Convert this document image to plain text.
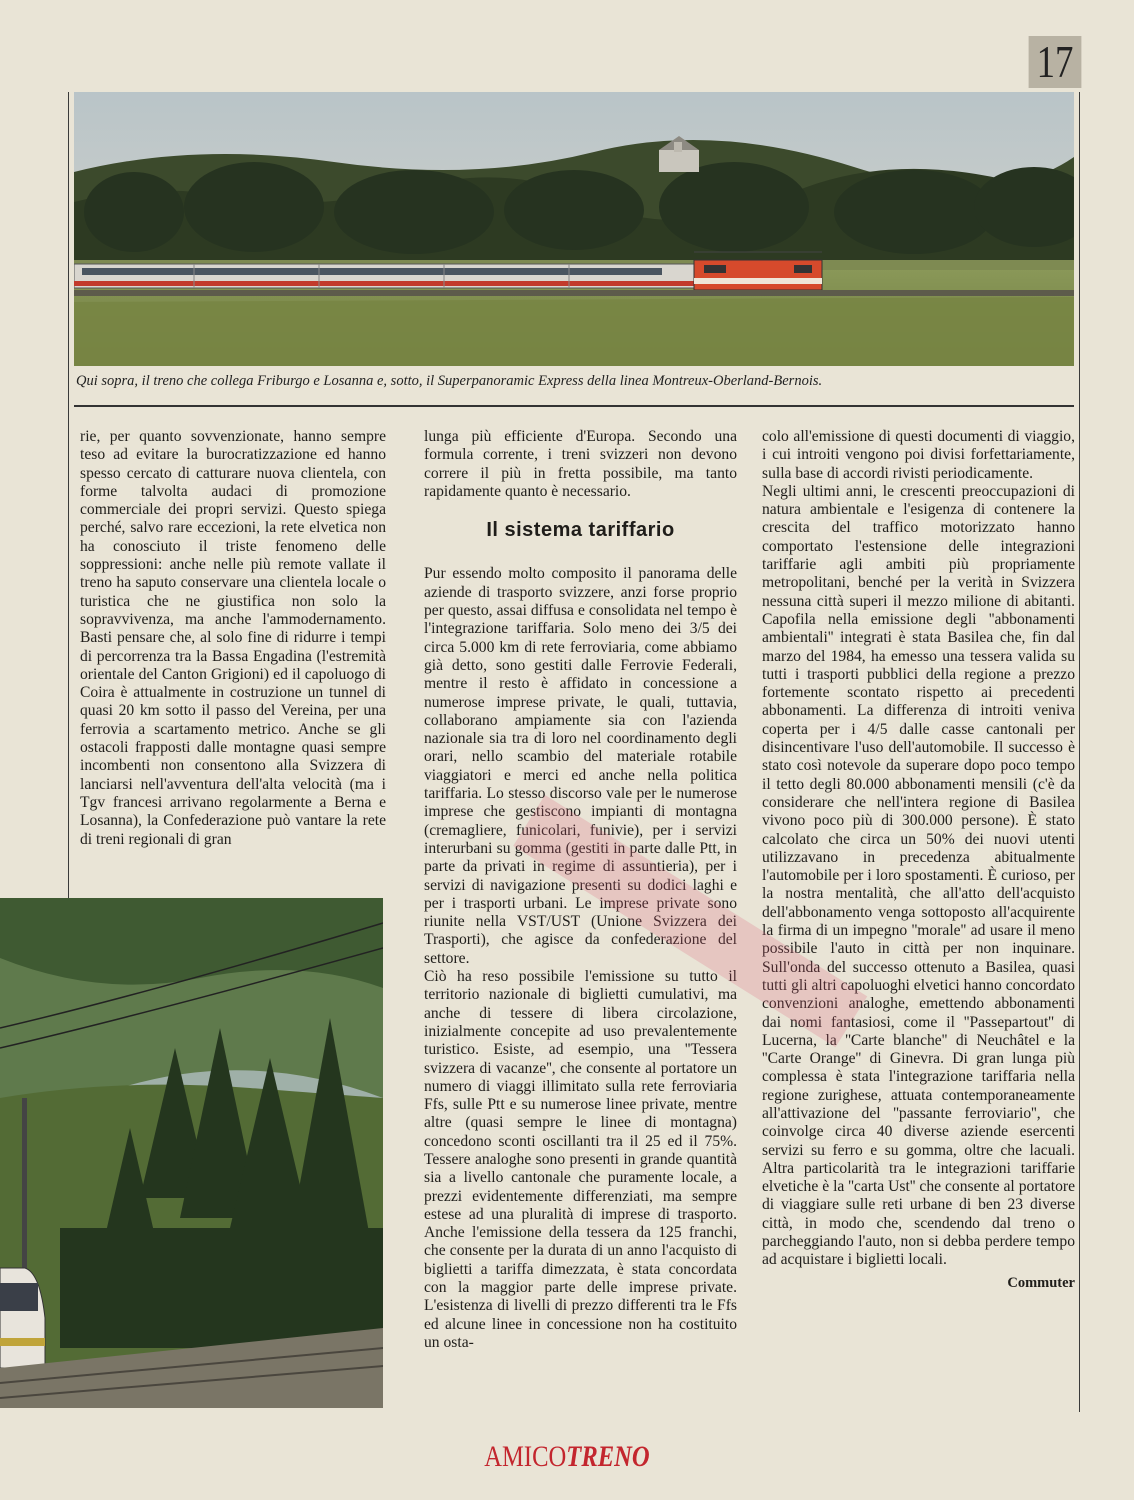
17
Qui sopra, il treno che collega Friburgo e Losanna e, sotto, il Superpanoramic Express della linea Montreux-Oberland-Bernois.

rie, per quanto sovvenzionate, hanno sempre teso ad evitare la burocratizzazione ed hanno spesso cercato di catturare nuova clientela, con forme talvolta audaci di promozione commerciale dei propri servizi. Questo spiega perché, salvo rare eccezioni, la rete elvetica non ha conosciuto il triste fenomeno delle soppressioni: anche nelle più remote vallate il treno ha saputo conservare una clientela locale o turistica che ne giustifica non solo la sopravvivenza, ma anche l'ammodernamento. Basti pensare che, al solo fine di ridurre i tempi di percorrenza tra la Bassa Engadina (l'estremità orientale del Canton Grigioni) ed il capoluogo di Coira è attualmente in costruzione un tunnel di quasi 20 km sotto il passo del Vereina, per una ferrovia a scartamento metrico. Anche se gli ostacoli frapposti dalle montagne quasi sempre incombenti non consentono alla Svizzera di lanciarsi nell'avventura dell'alta velocità (ma i Tgv francesi arrivano regolarmente a Berna e Losanna), la Confederazione può vantare la rete di treni regionali di gran

lunga più efficiente d'Europa. Secondo una formula corrente, i treni svizzeri non devono correre il più in fretta possibile, ma tanto rapidamente quanto è necessario.

Il sistema tariffario

Pur essendo molto composito il panorama delle aziende di trasporto svizzere, anzi forse proprio per questo, assai diffusa e consolidata nel tempo è l'integrazione tariffaria. Solo meno dei 3/5 dei circa 5.000 km di rete ferroviaria, come abbiamo già detto, sono gestiti dalle Ferrovie Federali, mentre il resto è affidato in concessione a numerose imprese private, le quali, tuttavia, collaborano ampiamente sia con l'azienda nazionale sia tra di loro nel coordinamento degli orari, nello scambio del materiale rotabile viaggiatori e merci ed anche nella politica tariffaria. Lo stesso discorso vale per le numerose imprese che gestiscono impianti di montagna (cremagliere, funicolari, funivie), per i servizi interurbani su gomma (gestiti in parte dalle Ptt, in parte da privati in regime di assuntieria), per i servizi di navigazione presenti su dodici laghi e per i trasporti urbani. Le imprese private sono riunite nella VST/UST (Unione Svizzera dei Trasporti), che agisce da confederazione del settore.

Ciò ha reso possibile l'emissione su tutto il territorio nazionale di biglietti cumulativi, ma anche di tessere di libera circolazione, inizialmente concepite ad uso prevalentemente turistico. Esiste, ad esempio, una ''Tessera svizzera di vacanze'', che consente al portatore un numero di viaggi illimitato sulla rete ferroviaria Ffs, sulle Ptt e su numerose linee private, mentre altre (quasi sempre le linee di montagna) concedono sconti oscillanti tra il 25 ed il 75%. Tessere analoghe sono presenti in grande quantità sia a livello cantonale che puramente locale, a prezzi evidentemente differenziati, ma sempre estese ad una pluralità di imprese di trasporto. Anche l'emissione della tessera da 125 franchi, che consente per la durata di un anno l'acquisto di biglietti a tariffa dimezzata, è stata concordata con la maggior parte delle imprese private. L'esistenza di livelli di prezzo differenti tra le Ffs ed alcune linee in concessione non ha costituito un osta-

colo all'emissione di questi documenti di viaggio, i cui introiti vengono poi divisi forfettariamente, sulla base di accordi rivisti periodicamente.

Negli ultimi anni, le crescenti preoccupazioni di natura ambientale e l'esigenza di contenere la crescita del traffico motorizzato hanno comportato l'estensione delle integrazioni tariffarie agli ambiti più propriamente metropolitani, benché per la verità in Svizzera nessuna città superi il mezzo milione di abitanti. Capofila nella emissione degli ''abbonamenti ambientali'' integrati è stata Basilea che, fin dal marzo del 1984, ha emesso una tessera valida su tutti i trasporti pubblici della regione a prezzo fortemente scontato rispetto ai precedenti abbonamenti. La differenza di introiti veniva coperta per i 4/5 dalle casse cantonali per disincentivare l'uso dell'automobile. Il successo è stato così notevole da superare dopo poco tempo il tetto degli 80.000 abbonamenti mensili (c'è da considerare che nell'intera regione di Basilea vivono poco più di 300.000 persone). È stato calcolato che circa un 50% dei nuovi utenti utilizzavano in precedenza abitualmente l'automobile per i loro spostamenti. È curioso, per la nostra mentalità, che all'atto dell'acquisto dell'abbonamento venga sottoposto all'acquirente la firma di un impegno ''morale'' ad usare il meno possibile l'auto in città per non inquinare. Sull'onda del successo ottenuto a Basilea, quasi tutti gli altri capoluoghi elvetici hanno concordato convenzioni analoghe, emettendo abbonamenti dai nomi fantasiosi, come il ''Passepartout'' di Lucerna, la ''Carte blanche'' di Neuchâtel e la ''Carte Orange'' di Ginevra. Di gran lunga più complessa è stata l'integrazione tariffaria nella regione zurighese, attuata contemporaneamente all'attivazione del ''passante ferroviario'', che coinvolge circa 40 diverse aziende esercenti servizi su ferro e su gomma, oltre che lacuali. Altra particolarità tra le integrazioni tariffarie elvetiche è la ''carta Ust'' che consente al portatore di viaggiare sulle reti urbane di ben 23 diverse città, in modo che, scendendo dal treno o parcheggiando l'auto, non si debba perdere tempo ad acquistare i biglietti locali.

Commuter
AMICOTRENO
